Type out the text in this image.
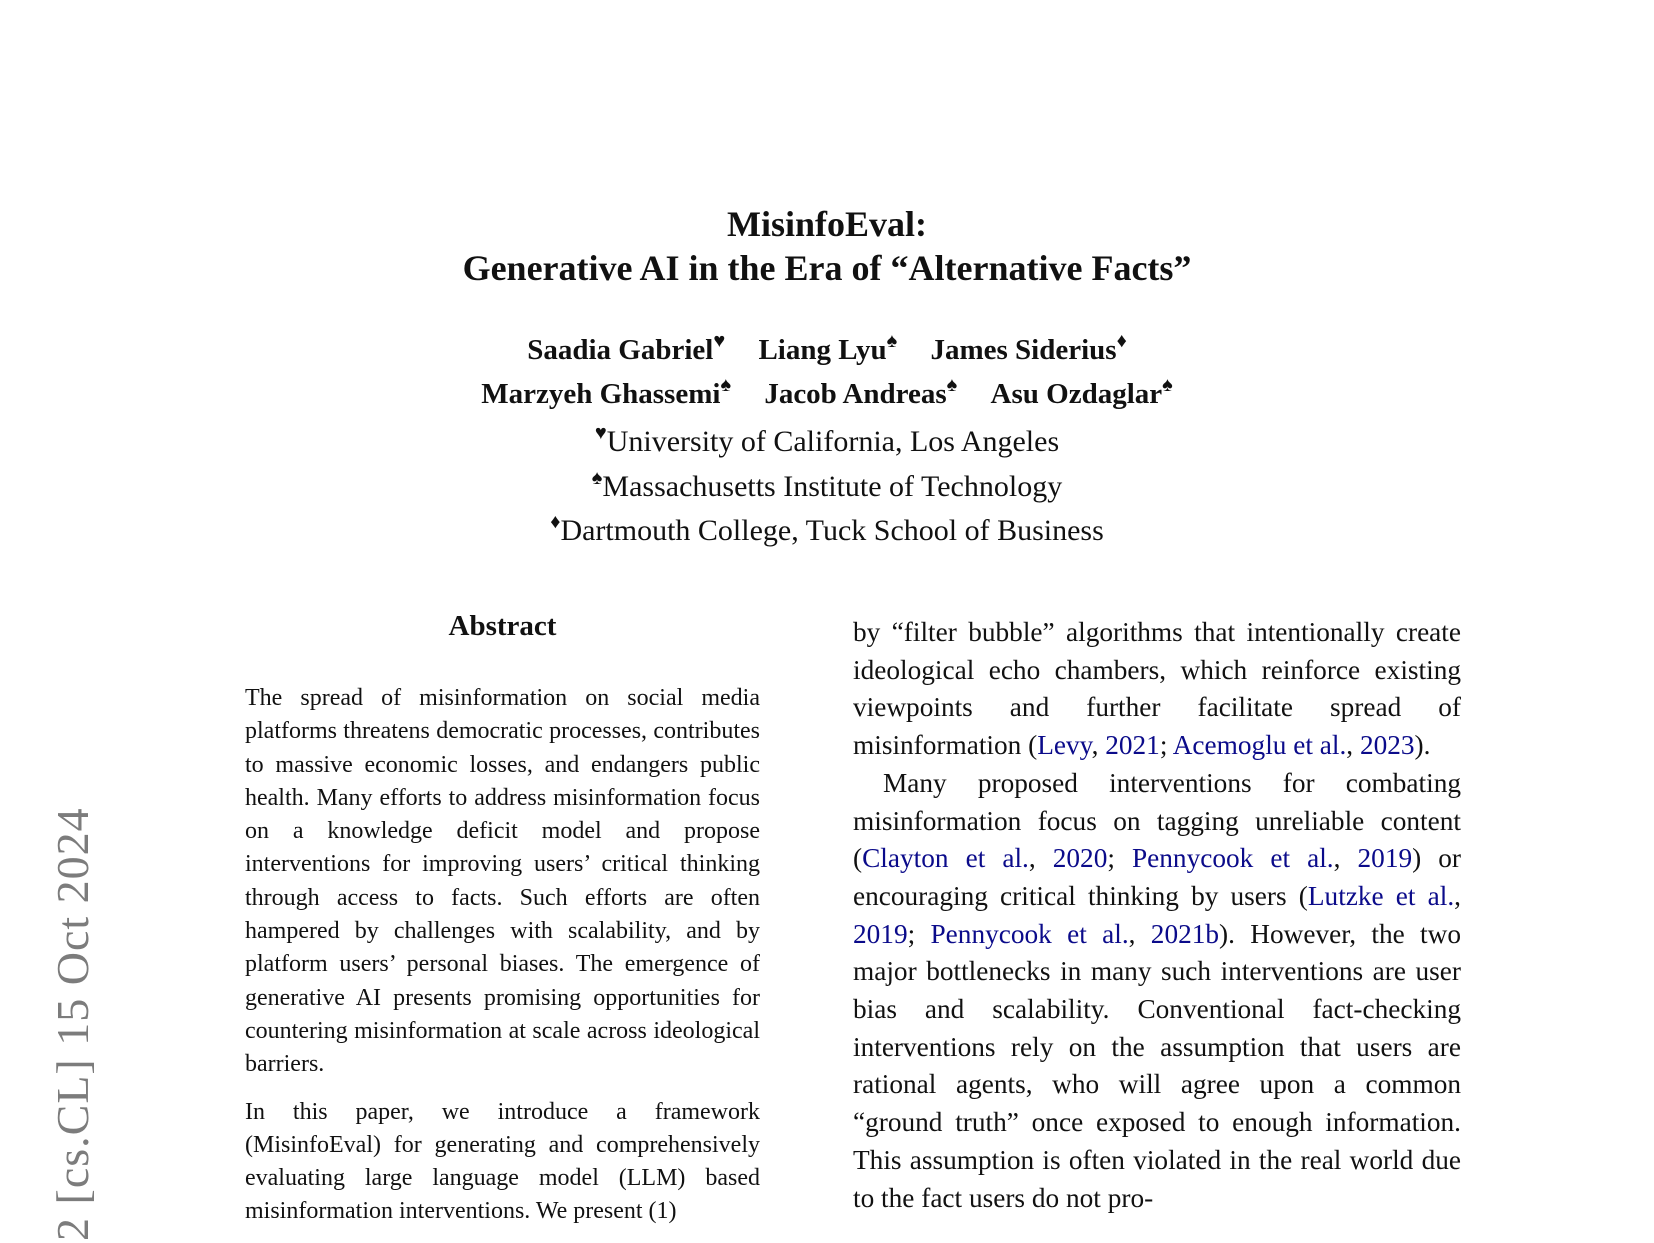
2 [cs.CL] 15 Oct 2024

MisinfoEval:

Generative AI in the Era of “Alternative Facts”

Saadia Gabriel♥ Liang Lyu♠ James Siderius♦
Marzyeh Ghassemi♠ Jacob Andreas♠ Asu Ozdaglar♠
♥University of California, Los Angeles
♠Massachusetts Institute of Technology
♦Dartmouth College, Tuck School of Business
Abstract

The spread of misinformation on social media platforms threatens democratic processes, contributes to massive economic losses, and endangers public health. Many efforts to address misinformation focus on a knowledge deficit model and propose interventions for improving users’ critical thinking through access to facts. Such efforts are often hampered by challenges with scalability, and by platform users’ personal biases. The emergence of generative AI presents promising opportunities for countering misinformation at scale across ideological barriers.

In this paper, we introduce a framework (MisinfoEval) for generating and comprehensively evaluating large language model (LLM) based misinformation interventions. We present (1)

by “filter bubble” algorithms that intentionally create ideological echo chambers, which reinforce existing viewpoints and further facilitate spread of misinformation (Levy, 2021; Acemoglu et al., 2023).

Many proposed interventions for combating misinformation focus on tagging unreliable content (Clayton et al., 2020; Pennycook et al., 2019) or encouraging critical thinking by users (Lutzke et al., 2019; Pennycook et al., 2021b). However, the two major bottlenecks in many such interventions are user bias and scalability. Conventional fact-checking interventions rely on the assumption that users are rational agents, who will agree upon a common “ground truth” once exposed to enough information. This assumption is often violated in the real world due to the fact users do not pro-
